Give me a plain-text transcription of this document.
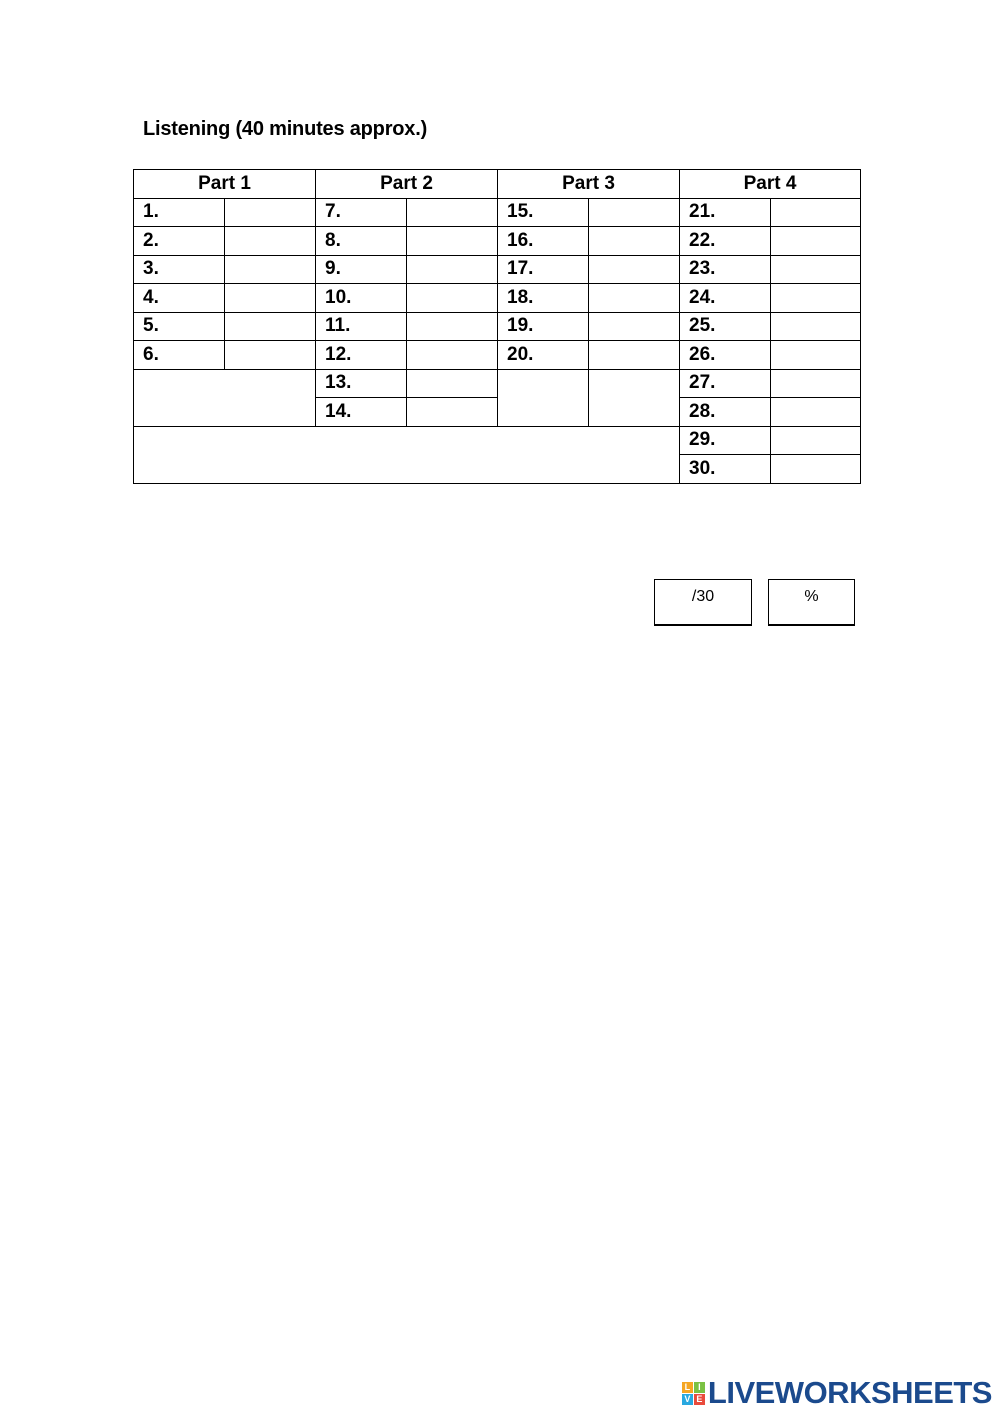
Listening (40 minutes approx.)
Part 1		Part 2		Part 3		Part 4	
1.		7.		15.		21.	
2.		8.		16.		22.	
3.		9.		17.		23.	
4.		10.		18.		24.	
5.		11.		19.		25.	
6.		12.		20.		26.	
		13.				27.	
		14.				28.	
						29.	
						30.	
/30	%
L I
V E LIVEWORKSHEETS
